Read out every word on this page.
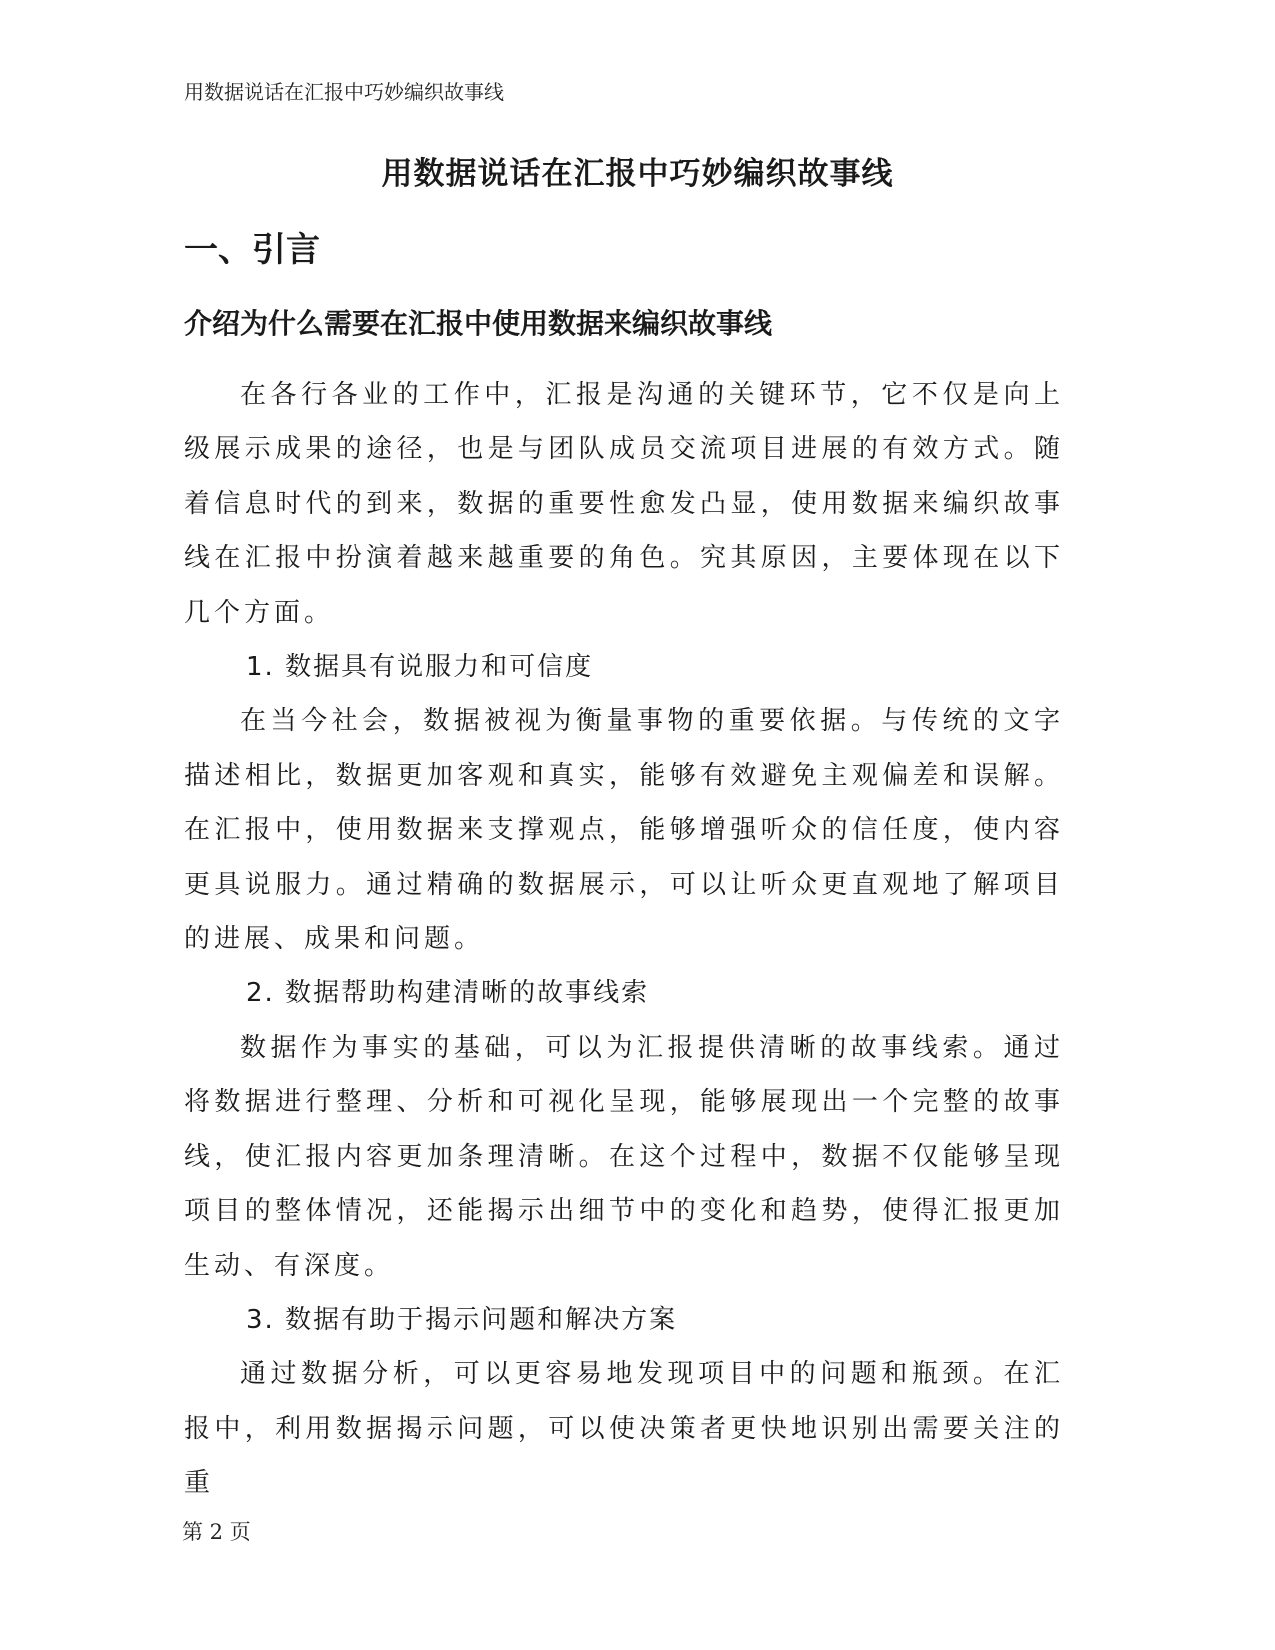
用数据说话在汇报中巧妙编织故事线
用数据说话在汇报中巧妙编织故事线
一、引言
介绍为什么需要在汇报中使用数据来编织故事线

在各行各业的工作中，汇报是沟通的关键环节，它不仅是向上级展示成果的途径，也是与团队成员交流项目进展的有效方式。随着信息时代的到来，数据的重要性愈发凸显，使用数据来编织故事线在汇报中扮演着越来越重要的角色。究其原因，主要体现在以下几个方面。

1. 数据具有说服力和可信度

在当今社会，数据被视为衡量事物的重要依据。与传统的文字描述相比，数据更加客观和真实，能够有效避免主观偏差和误解。在汇报中，使用数据来支撑观点，能够增强听众的信任度，使内容更具说服力。通过精确的数据展示，可以让听众更直观地了解项目的进展、成果和问题。

2. 数据帮助构建清晰的故事线索

数据作为事实的基础，可以为汇报提供清晰的故事线索。通过将数据进行整理、分析和可视化呈现，能够展现出一个完整的故事线，使汇报内容更加条理清晰。在这个过程中，数据不仅能够呈现项目的整体情况，还能揭示出细节中的变化和趋势，使得汇报更加生动、有深度。

3. 数据有助于揭示问题和解决方案

通过数据分析，可以更容易地发现项目中的问题和瓶颈。在汇报中，利用数据揭示问题，可以使决策者更快地识别出需要关注的重

第 2 页
